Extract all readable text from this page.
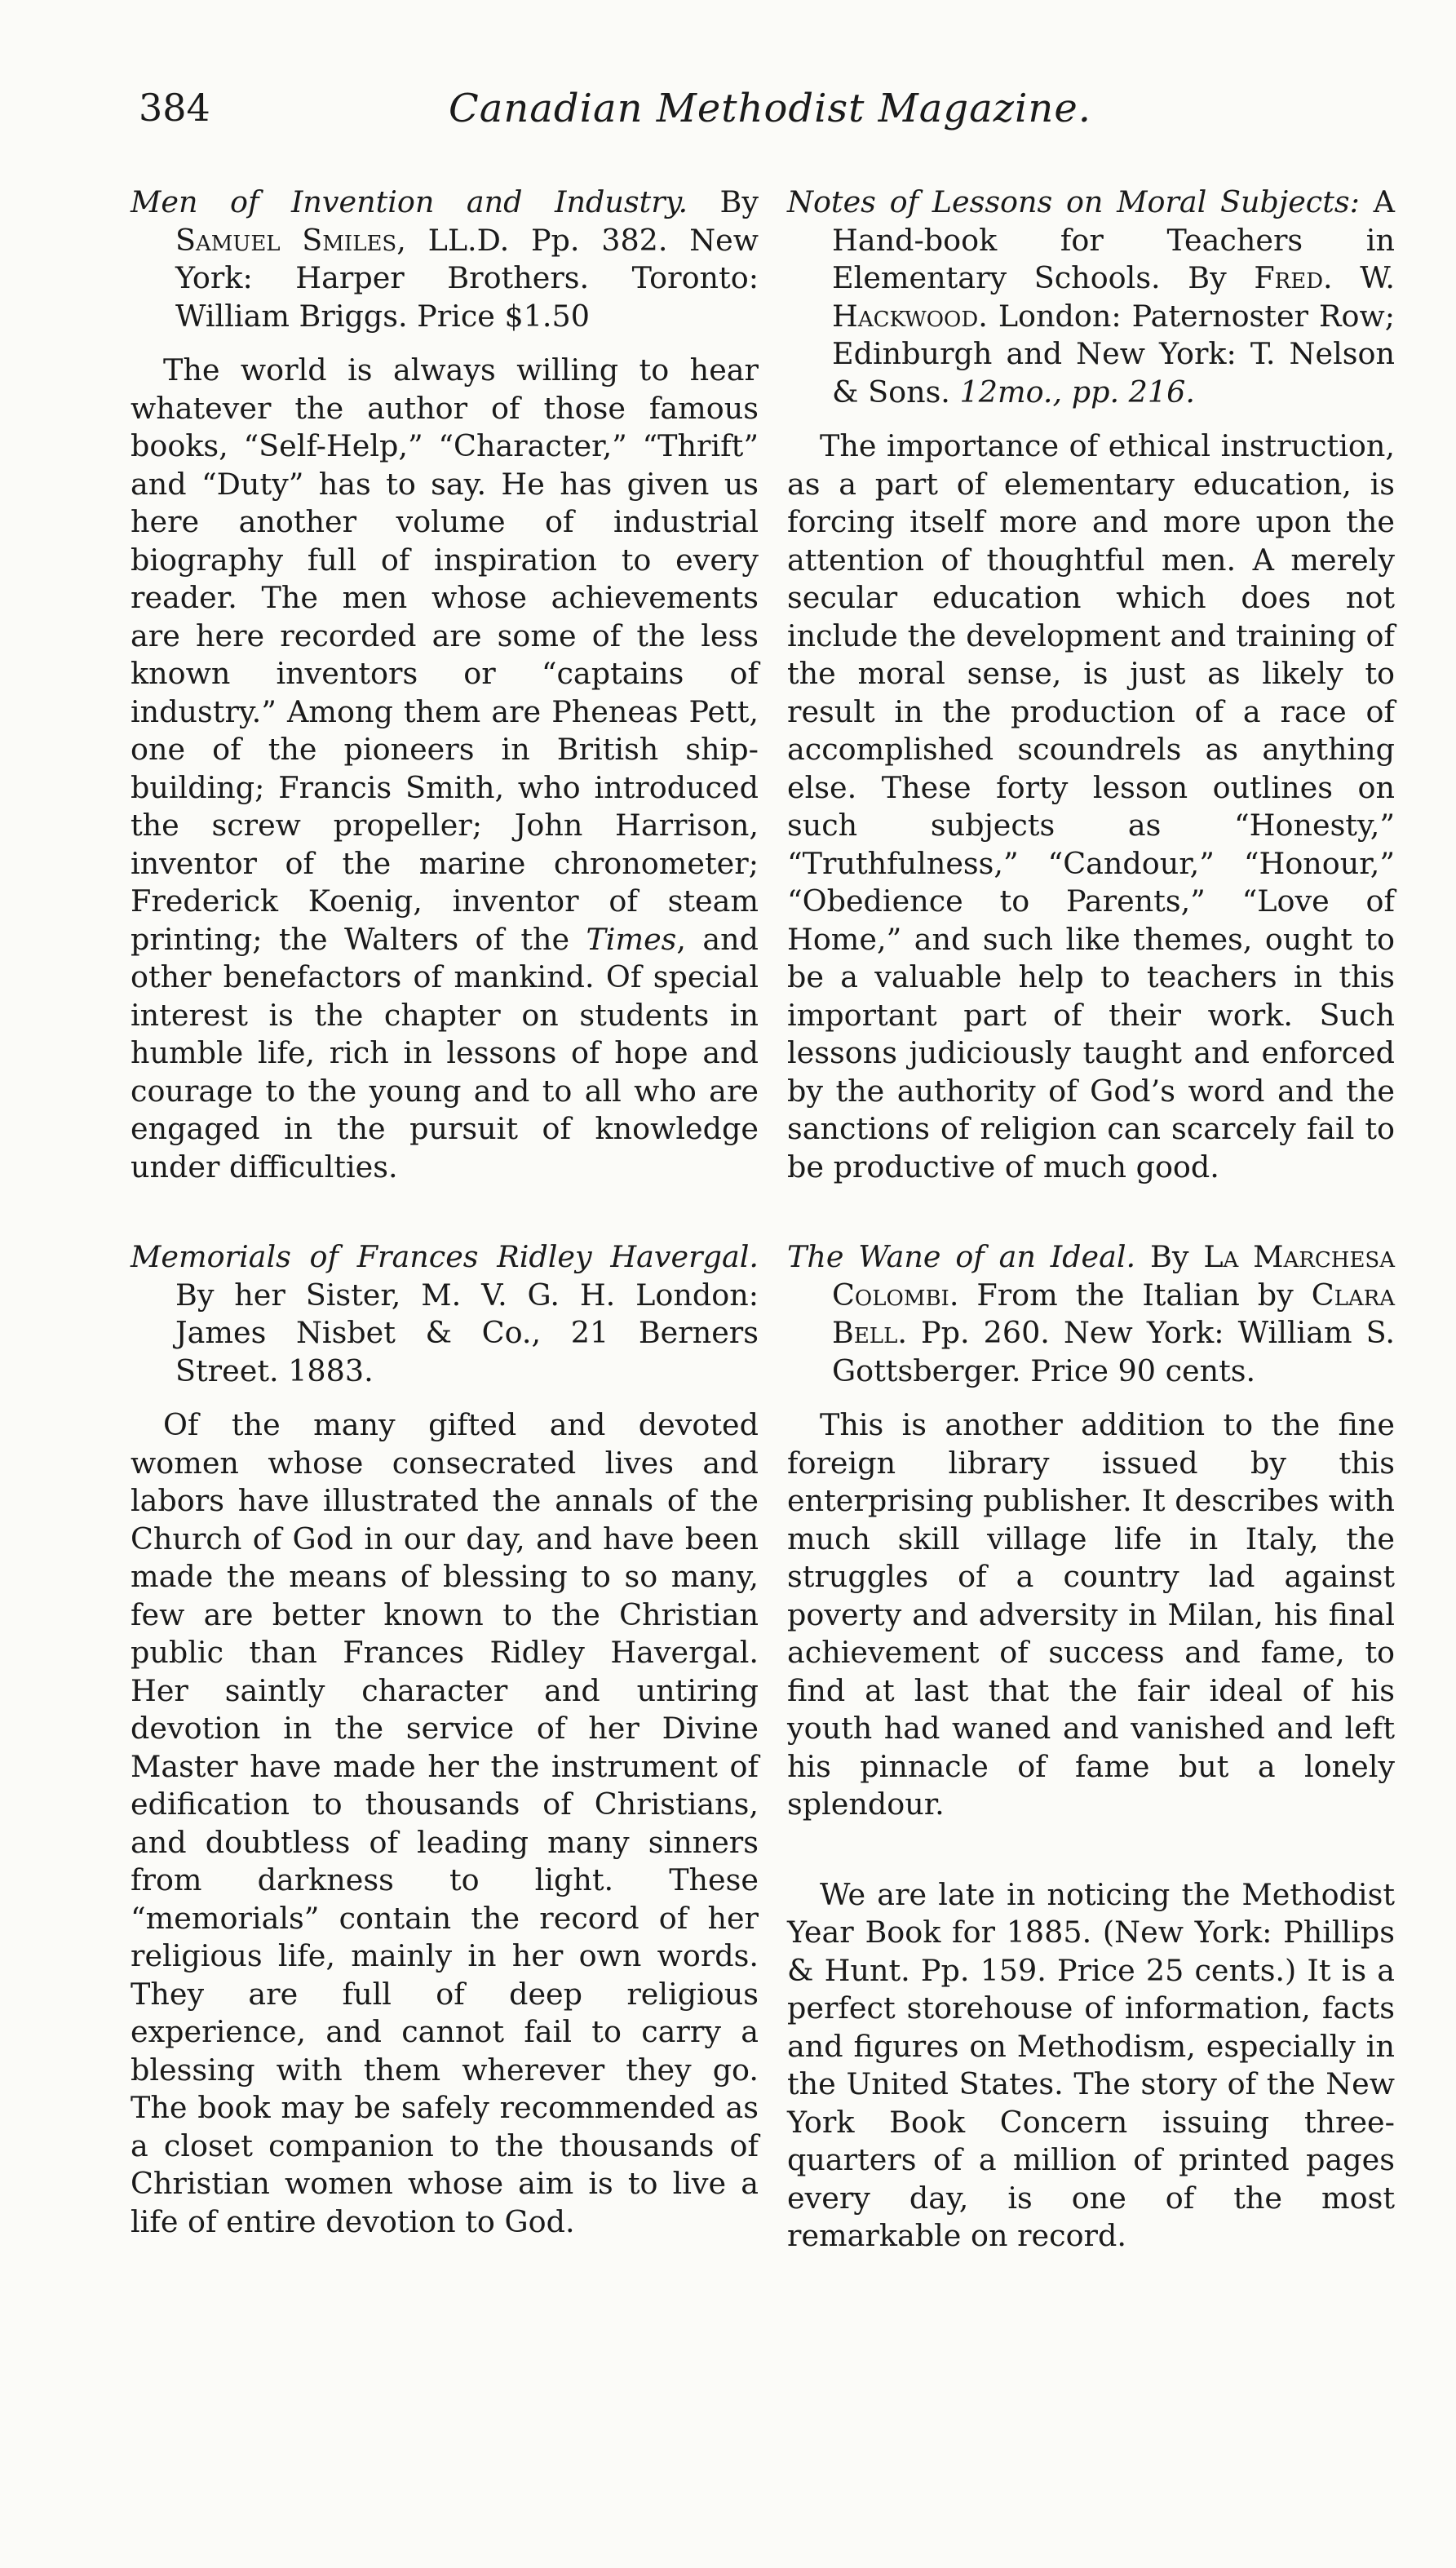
384	Canadian Methodist Magazine.

Men of Invention and Industry. By Samuel Smiles, LL.D. Pp. 382. New York: Harper Brothers. Toronto: William Briggs. Price $1.50

The world is always willing to hear whatever the author of those famous books, “Self-Help,” “Character,” “Thrift” and “Duty” has to say. He has given us here another volume of industrial biography full of inspiration to every reader. The men whose achievements are here recorded are some of the less known inventors or “captains of industry.” Among them are Pheneas Pett, one of the pioneers in British ship-building; Francis Smith, who introduced the screw propeller; John Harrison, inventor of the marine chronometer; Frederick Koenig, inventor of steam printing; the Walters of the Times, and other benefactors of mankind. Of special interest is the chapter on students in humble life, rich in lessons of hope and courage to the young and to all who are engaged in the pursuit of knowledge under difficulties.

Memorials of Frances Ridley Havergal. By her Sister, M. V. G. H. London: James Nisbet & Co., 21 Berners Street. 1883.

Of the many gifted and devoted women whose consecrated lives and labors have illustrated the annals of the Church of God in our day, and have been made the means of blessing to so many, few are better known to the Christian public than Frances Ridley Havergal. Her saintly character and untiring devotion in the service of her Divine Master have made her the instrument of edification to thousands of Christians, and doubtless of leading many sinners from darkness to light. These “memorials” contain the record of her religious life, mainly in her own words. They are full of deep religious experience, and cannot fail to carry a blessing with them wherever they go. The book may be safely recommended as a closet companion to the thousands of Christian women whose aim is to live a life of entire devotion to God.

Notes of Lessons on Moral Subjects: A Hand-book for Teachers in Elementary Schools. By Fred. W. Hackwood. London: Paternoster Row; Edinburgh and New York: T. Nelson & Sons. 12mo., pp. 216.

The importance of ethical instruction, as a part of elementary education, is forcing itself more and more upon the attention of thoughtful men. A merely secular education which does not include the development and training of the moral sense, is just as likely to result in the production of a race of accomplished scoundrels as anything else. These forty lesson outlines on such subjects as “Honesty,” “Truthfulness,” “Candour,” “Honour,” “Obedience to Parents,” “Love of Home,” and such like themes, ought to be a valuable help to teachers in this important part of their work. Such lessons judiciously taught and enforced by the authority of God’s word and the sanctions of religion can scarcely fail to be productive of much good.

The Wane of an Ideal. By La Marchesa Colombi. From the Italian by Clara Bell. Pp. 260. New York: William S. Gottsberger. Price 90 cents.

This is another addition to the fine foreign library issued by this enterprising publisher. It describes with much skill village life in Italy, the struggles of a country lad against poverty and adversity in Milan, his final achievement of success and fame, to find at last that the fair ideal of his youth had waned and vanished and left his pinnacle of fame but a lonely splendour.

We are late in noticing the Methodist Year Book for 1885. (New York: Phillips & Hunt. Pp. 159. Price 25 cents.) It is a perfect storehouse of information, facts and figures on Methodism, especially in the United States. The story of the New York Book Concern issuing three-quarters of a million of printed pages every day, is one of the most remarkable on record.
